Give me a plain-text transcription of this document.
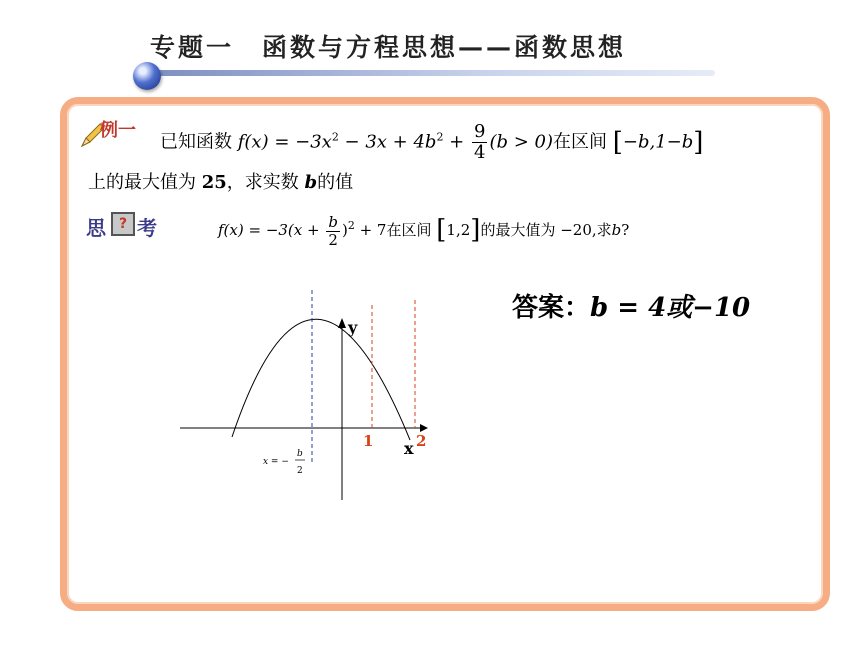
专题一　函数与方程思想——函数思想
例一
已知函数 $f(x) = -3x^2 - 3x + 4b^2 + \frac{9}{4} (b > 0)$在区间 [−b,1−b]
上的最大值为 25，求实数 b的值
思 ? 考	$f(x) = -3(x + \frac{b}{2} )^2 + 7$在区间 [1,2]的最大值为 −20,求b?
答案：b = 4或−10
y
x
1	2
x = −
b
2
